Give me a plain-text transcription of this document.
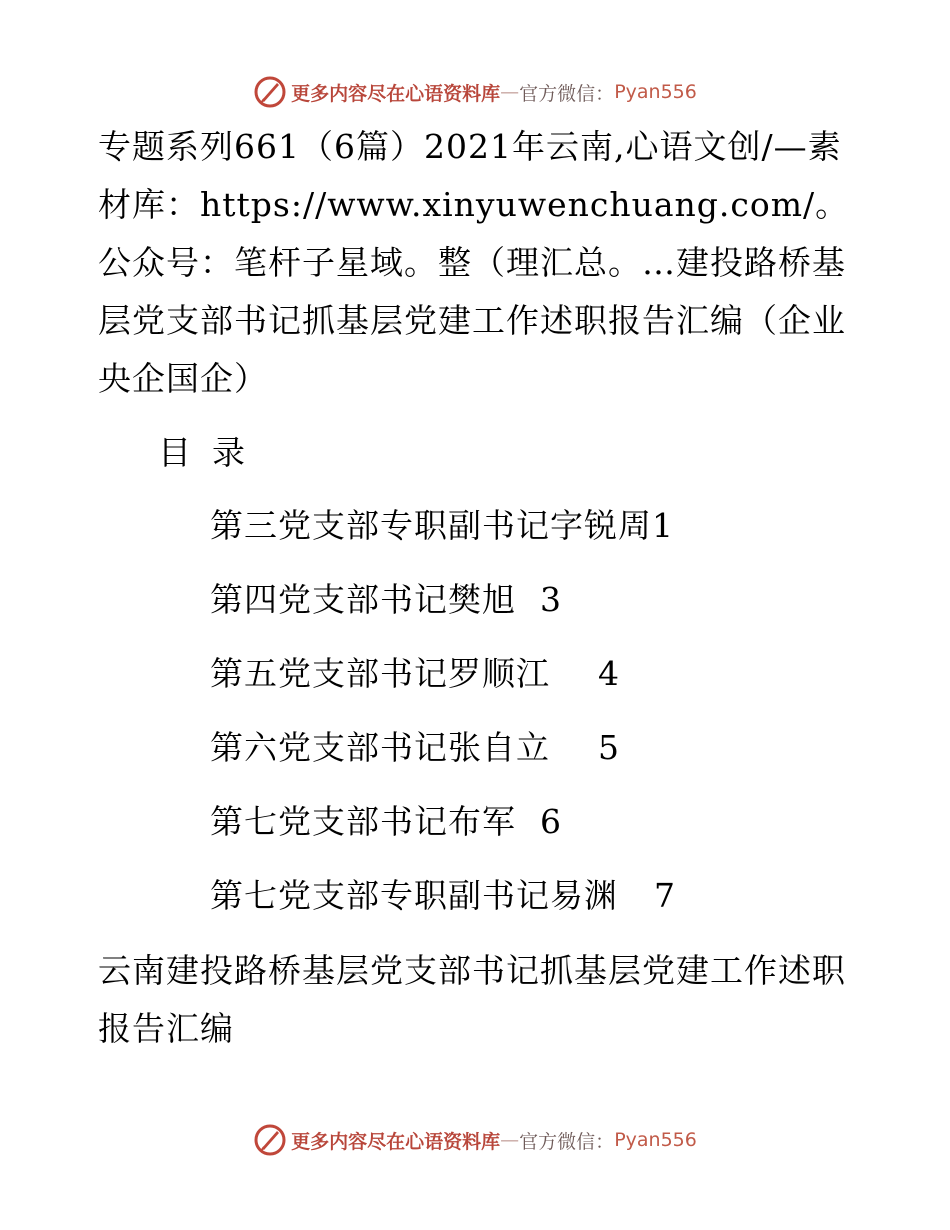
更多内容尽在心语资料库 — 官方微信： Pyan556

专题系列661（6篇）2021年云南,心语文创/—素材库：https://www.xinyuwenchuang.com/。公众号：笔杆子星域。整（理汇总。…建投路桥基层党支部书记抓基层党建工作述职报告汇编（企业央企国企）

目 录

第三党支部专职副书记字锐周1
第四党支部书记樊旭 3
第五党支部书记罗顺江 4
第六党支部书记张自立 5
第七党支部书记布军 6
第七党支部专职副书记易渊 7

云南建投路桥基层党支部书记抓基层党建工作述职报告汇编

更多内容尽在心语资料库 — 官方微信： Pyan556
